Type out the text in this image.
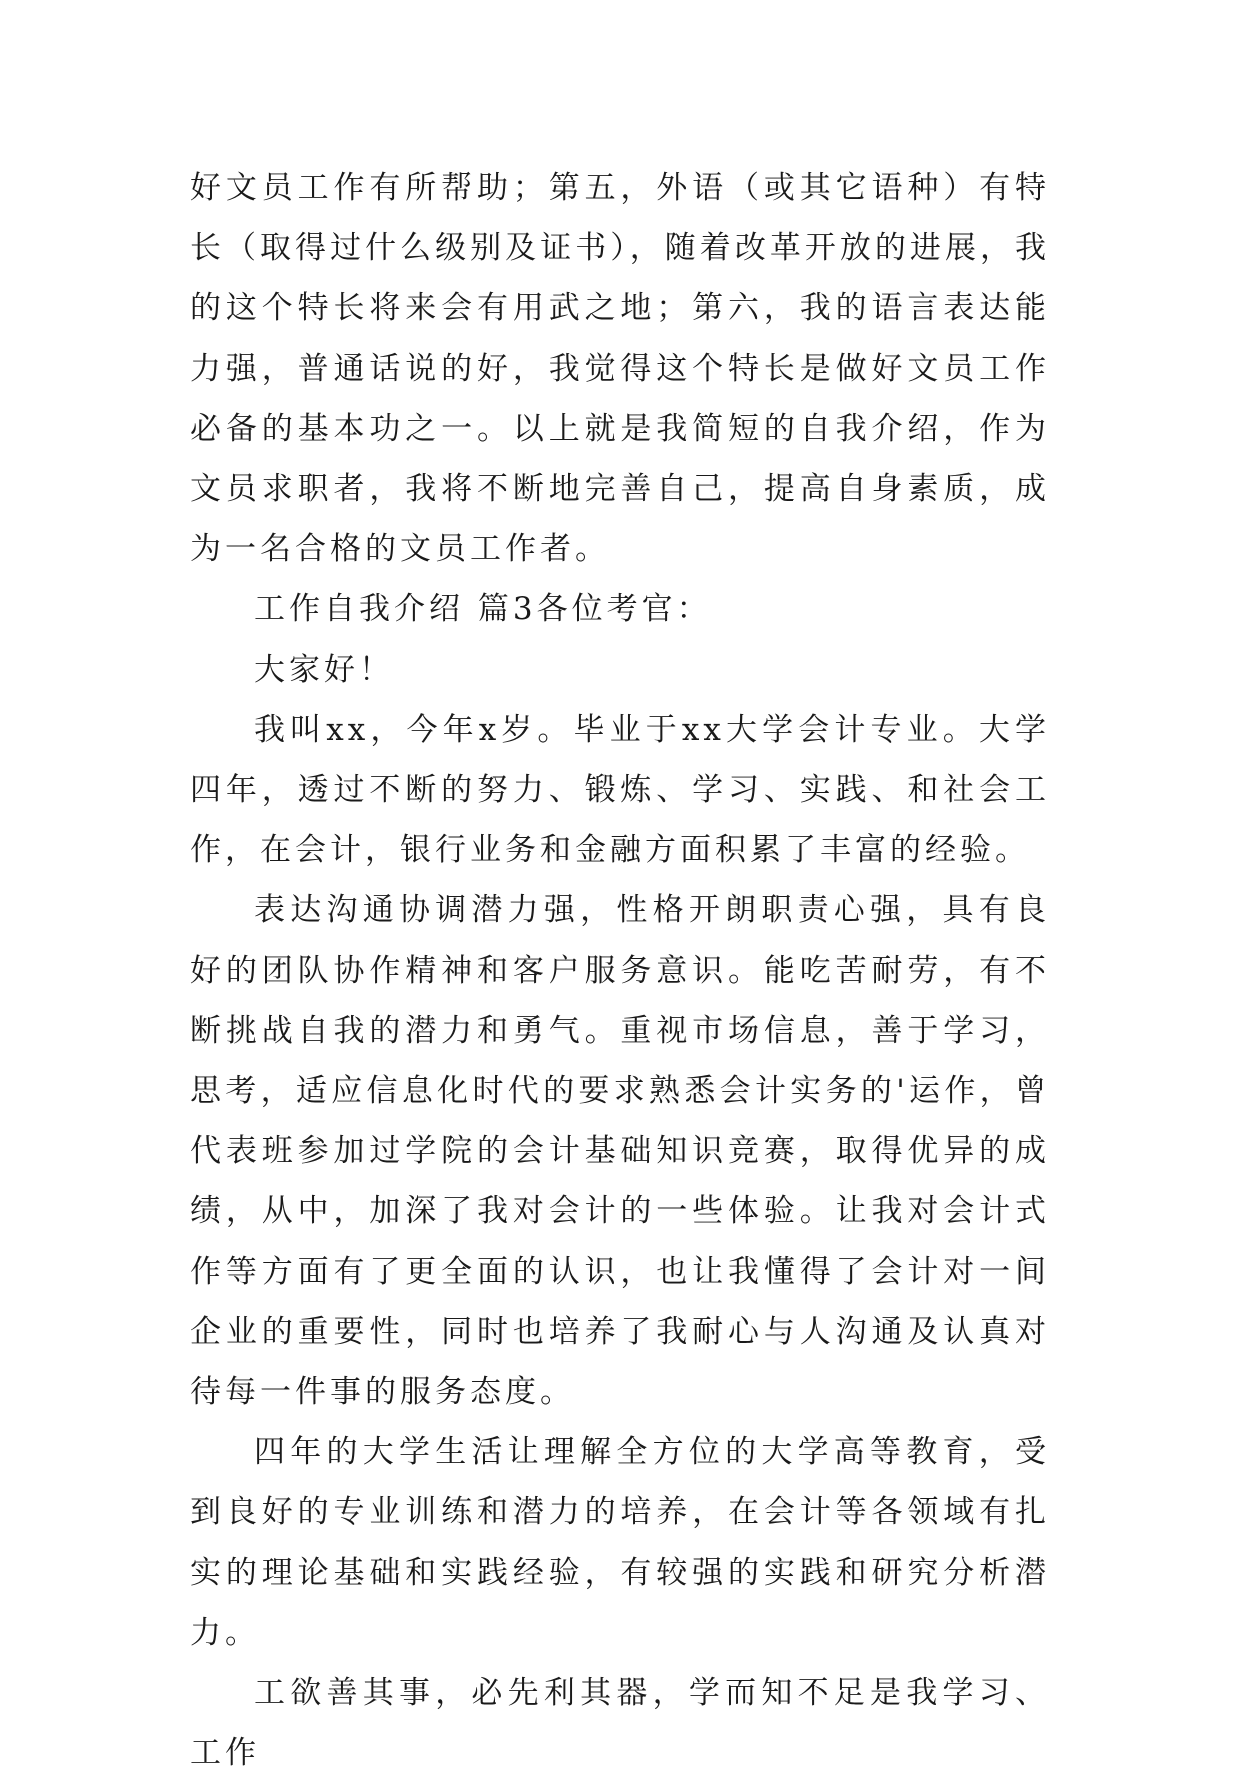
好文员工作有所帮助；第五，外语（或其它语种）有特长（取得过什么级别及证书），随着改革开放的进展，我的这个特长将来会有用武之地；第六，我的语言表达能力强，普通话说的好，我觉得这个特长是做好文员工作必备的基本功之一。以上就是我简短的自我介绍，作为文员求职者，我将不断地完善自己，提高自身素质，成为一名合格的文员工作者。

工作自我介绍 篇3各位考官：

大家好！

我叫xx，今年x岁。毕业于xx大学会计专业。大学四年，透过不断的努力、锻炼、学习、实践、和社会工作，在会计，银行业务和金融方面积累了丰富的经验。

表达沟通协调潜力强，性格开朗职责心强，具有良好的团队协作精神和客户服务意识。能吃苦耐劳，有不断挑战自我的潜力和勇气。重视市场信息，善于学习，思考，适应信息化时代的要求熟悉会计实务的'运作，曾代表班参加过学院的会计基础知识竞赛，取得优异的成绩，从中，加深了我对会计的一些体验。让我对会计式作等方面有了更全面的认识，也让我懂得了会计对一间企业的重要性，同时也培养了我耐心与人沟通及认真对待每一件事的服务态度。

四年的大学生活让理解全方位的大学高等教育，受到良好的专业训练和潜力的培养，在会计等各领域有扎实的理论基础和实践经验，有较强的实践和研究分析潜力。

工欲善其事，必先利其器，学而知不足是我学习、工作
